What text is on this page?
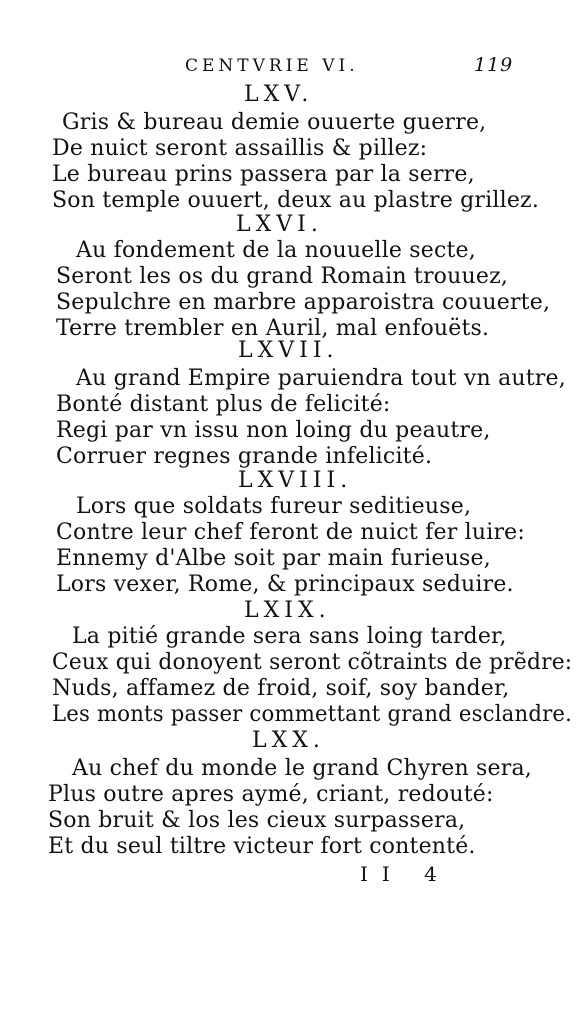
CENTVRIE VI.	119
LXV.
Gris & bureau demie ouuerte guerre,
De nuict seront assaillis & pillez:
Le bureau prins passera par la serre,
Son temple ouuert, deux au plastre grillez.
LXVI.
Au fondement de la nouuelle secte,
Seront les os du grand Romain trouuez,
Sepulchre en marbre apparoistra couuerte,
Terre trembler en Auril, mal enfouëts.
LXVII.
Au grand Empire paruiendra tout vn autre,
Bonté distant plus de felicité:
Regi par vn issu non loing du peautre,
Corruer regnes grande infelicité.
LXVIII.
Lors que soldats fureur seditieuse,
Contre leur chef feront de nuict fer luire:
Ennemy d'Albe soit par main furieuse,
Lors vexer, Rome, & principaux seduire.
LXIX.
La pitié grande sera sans loing tarder,
Ceux qui donoyent seront cõtraints de prẽdre:
Nuds, affamez de froid, soif, soy bander,
Les monts passer commettant grand esclandre.
LXX.
Au chef du monde le grand Chyren sera,
Plus outre apres aymé, criant, redouté:
Son bruit & los les cieux surpassera,
Et du seul tiltre victeur fort contenté.
II 4
